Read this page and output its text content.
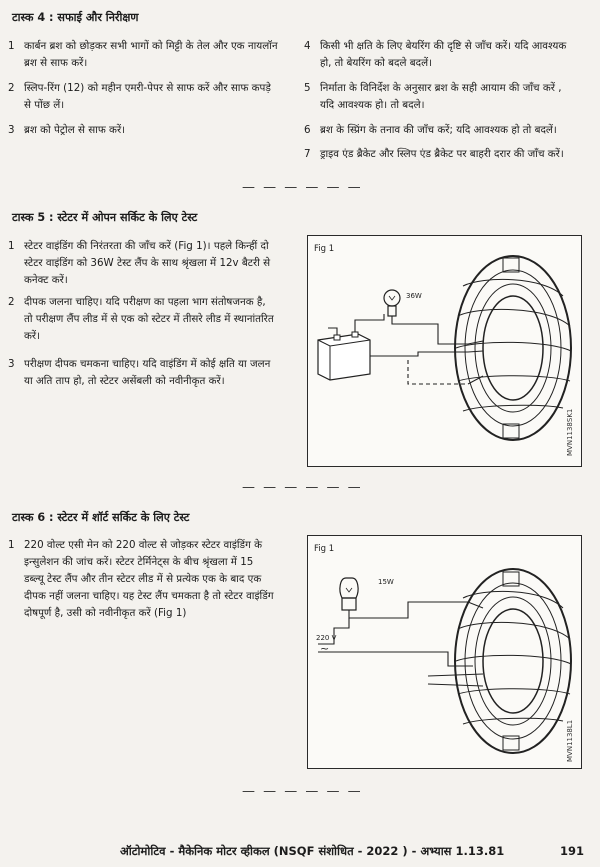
टास्क 4 : सफाई और निरीक्षण
1 कार्बन ब्रश को छोड़कर सभी भागों को मिट्टी के तेल और एक नायलॉन
ब्रश से साफ करें।
2 स्लिप-रिंग (12) को महीन एमरी-पेपर से साफ करें और साफ कपड़े
से पोंछ लें।
3 ब्रश को पेट्रोल से साफ करें।
4 किसी भी क्षति के लिए बेयरिंग की दृष्टि से जाँच करें। यदि आवश्यक
हो, तो बेयरिंग को बदले बदलें।
5 निर्माता के विनिर्देश के अनुसार ब्रश के सही आयाम की जाँच करें ,
यदि आवश्यक हो। तो बदले।
6 ब्रश के स्प्रिंग के तनाव की जाँच करें; यदि आवश्यक हो तो बदलें।
7 ड्राइव एंड ब्रैकेट और स्लिप एंड ब्रैकेट पर बाहरी दरार की जाँच करें।
— — — — — —
टास्क 5 : स्टेटर में ओपन सर्किट के लिए टेस्ट
1 स्टेटर वाइंडिंग की निरंतरता की जाँच करें (Fig 1)। पहले किन्हीं दो
स्टेटर वाइंडिंग को 36W टेस्ट लैंप के साथ श्रृंखला में 12v बैटरी से
कनेक्ट करें।
2 दीपक जलना चाहिए। यदि परीक्षण का पहला भाग संतोषजनक है,
तो परीक्षण लैंप लीड में से एक को स्टेटर में तीसरे लीड में स्थानांतरित
करें।
3 परीक्षण दीपक चमकना चाहिए। यदि वाइंडिंग में कोई क्षति या जलन
या अति ताप हो, तो स्टेटर असेंबली को नवीनीकृत करें।
Fig 1
36W
MVN1138SK1
— — — — — —
टास्क 6 : स्टेटर में शॉर्ट सर्किट के लिए टेस्ट
1 220 वोल्ट एसी मेन को 220 वोल्ट से जोड़कर स्टेटर वाइंडिंग के
इन्सुलेशन की जांच करें। स्टेटर टेर्मिनेट्स के बीच श्रृंखला में 15
डब्ल्यू टेस्ट लैंप और तीन स्टेटर लीड में से प्रत्येक एक के बाद एक
दीपक नहीं जलना चाहिए। यह टेस्ट लैंप चमकता है तो स्टेटर वाइंडिंग
दोषपूर्ण है, उसी को नवीनीकृत करें (Fig 1)
Fig 1
15W
220 V
~
MVN1138L1
— — — — — —
ऑटोमोटिव - मैकेनिक मोटर व्हीकल (NSQF संशोधित - 2022 ) - अभ्यास 1.13.81	191
